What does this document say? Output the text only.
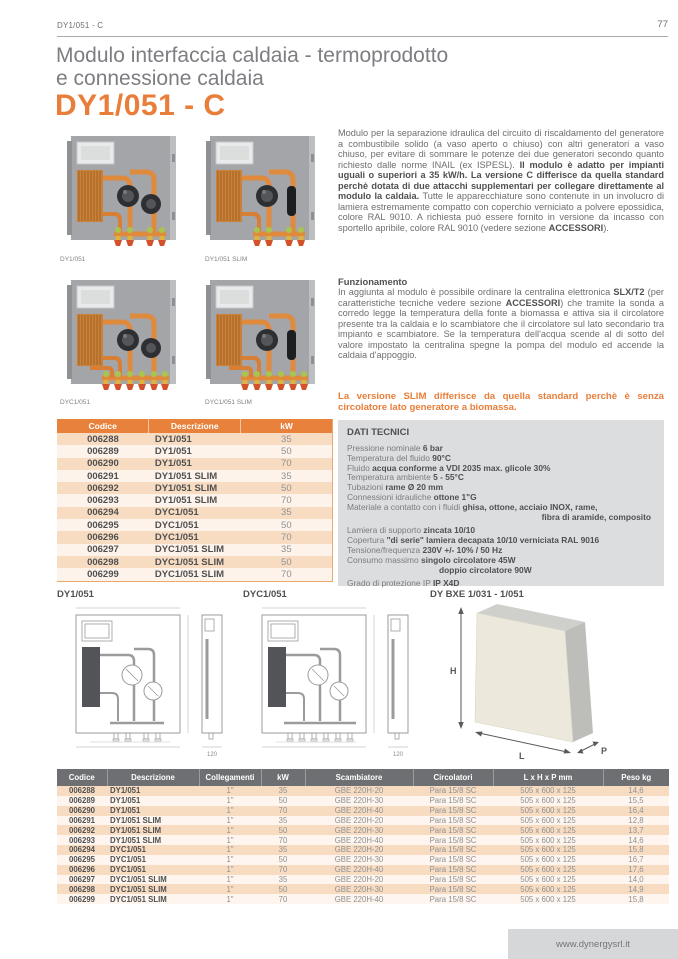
DY1/051 - C	77
Modulo interfaccia caldaia - termoprodotto
e connessione caldaia
DY1/051 - C
DY1/051	DY1/051 SLIM
DYC1/051	DYC1/051 SLIM
Modulo per la separazione idraulica del circuito di riscaldamento del generatore a combustibile solido (a vaso aperto o chiuso) con altri generatori a vaso chiuso, per evitare di sommare le potenze dei due generatori secondo quanto richiesto dalle norme INAIL (ex ISPESL). Il modulo è adatto per impianti uguali o superiori a 35 kW/h. La versione C differisce da quella standard perchè dotata di due attacchi supplementari per collegare direttamente al modulo la caldaia. Tutte le apparecchiature sono contenute in un involucro di lamiera estremamente compatto con coperchio verniciato a polvere epossidica, colore RAL 9010. A richiesta può essere fornito in versione da incasso con sportello apribile, colore RAL 9010 (vedere sezione ACCESSORI).
Funzionamento
In aggiunta al modulo è possibile ordinare la centralina elettronica SLX/T2 (per caratteristiche tecniche vedere sezione ACCESSORI) che tramite la sonda a corredo legge la temperatura della fonte a biomassa e attiva sia il circolatore presente tra la caldaia e lo scambiatore che il circolatore sul lato secondario tra impianto e scambiatore. Se la temperatura dell'acqua scende al di sotto del valore impostato la centralina spegne la pompa del modulo ed accende la caldaia d'appoggio.
La versione SLIM differisce da quella standard perchè è senza circolatore lato generatore a biomassa.
DATI TECNICI
Pressione nominale 6 bar
Temperatura del fluido 90°C
Fluido acqua conforme a VDI 2035 max. glicole 30%
Temperatura ambiente 5 - 55°C
Tubazioni rame Ø 20 mm
Connessioni idrauliche ottone 1"G
Materiale a contatto con i fluidi ghisa, ottone, acciaio INOX, rame,
fibra di aramide, composito
Lamiera di supporto zincata 10/10
Copertura "di serie" lamiera decapata 10/10 verniciata RAL 9016
Tensione/frequenza 230V +/- 10% / 50 Hz
Consumo massimo singolo circolatore 45W
doppio circolatore 90W
Grado di protezione IP IP X4D
Codice	Descrizione	kW
006288	DY1/051	35
006289	DY1/051	50
006290	DY1/051	70
006291	DY1/051 SLIM	35
006292	DY1/051 SLIM	50
006293	DY1/051 SLIM	70
006294	DYC1/051	35
006295	DYC1/051	50
006296	DYC1/051	70
006297	DYC1/051 SLIM	35
006298	DYC1/051 SLIM	50
006299	DYC1/051 SLIM	70
DY1/051	DYC1/051	DY BXE 1/031 - 1/051
120	120
H
L	P
Codice	Descrizione	Collegamenti	kW	Scambiatore	Circolatori	L x H x P mm	Peso kg
006288	DY1/051	1"	35	GBE 220H-20	Para 15/8 SC	505 x 600 x 125	14,6
006289	DY1/051	1"	50	GBE 220H-30	Para 15/8 SC	505 x 600 x 125	15,5
006290	DY1/051	1"	70	GBE 220H-40	Para 15/8 SC	505 x 600 x 125	16,4
006291	DY1/051 SLIM	1"	35	GBE 220H-20	Para 15/8 SC	505 x 600 x 125	12,8
006292	DY1/051 SLIM	1"	50	GBE 220H-30	Para 15/8 SC	505 x 600 x 125	13,7
006293	DY1/051 SLIM	1"	70	GBE 220H-40	Para 15/8 SC	505 x 600 x 125	14,6
006294	DYC1/051	1"	35	GBE 220H-20	Para 15/8 SC	505 x 600 x 125	15,8
006295	DYC1/051	1"	50	GBE 220H-30	Para 15/8 SC	505 x 600 x 125	16,7
006296	DYC1/051	1"	70	GBE 220H-40	Para 15/8 SC	505 x 600 x 125	17,6
006297	DYC1/051 SLIM	1"	35	GBE 220H-20	Para 15/8 SC	505 x 600 x 125	14,0
006298	DYC1/051 SLIM	1"	50	GBE 220H-30	Para 15/8 SC	505 x 600 x 125	14,9
006299	DYC1/051 SLIM	1"	70	GBE 220H-40	Para 15/8 SC	505 x 600 x 125	15,8
www.dynergysrl.it
